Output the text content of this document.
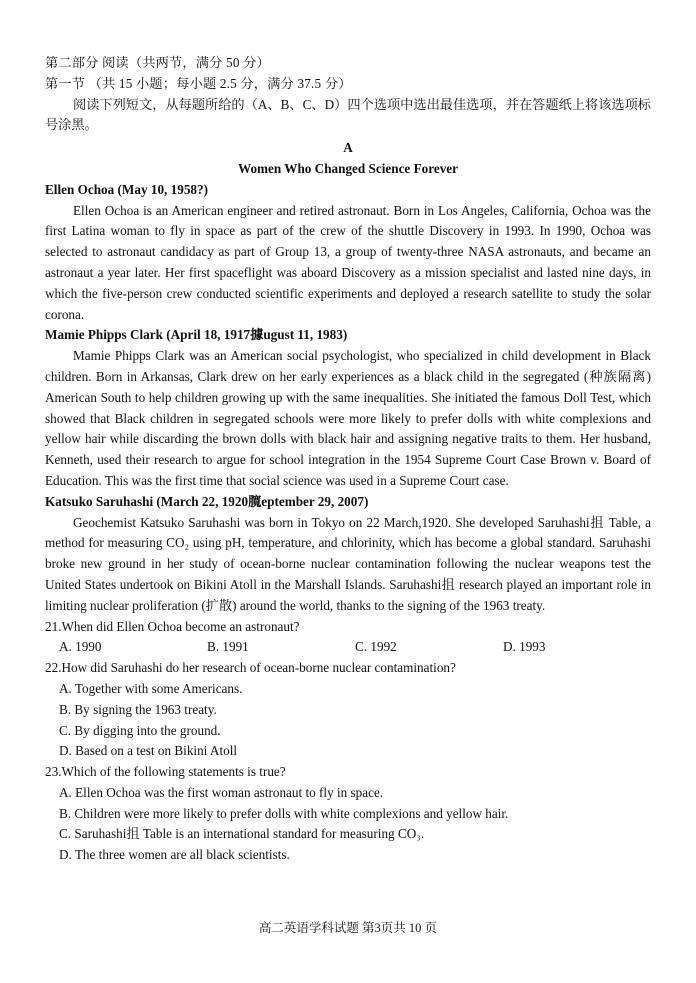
第二部分 阅读（共两节，满分 50 分）

第一节 （共 15 小题；每小题 2.5 分，满分 37.5 分）

阅读下列短文，从每题所给的（A、B、C、D）四个选项中选出最佳选项，并在答题纸上将该选项标号涂黑。

A

Women Who Changed Science Forever

Ellen Ochoa (May 10, 1958?)

Ellen Ochoa is an American engineer and retired astronaut. Born in Los Angeles, California, Ochoa was the first Latina woman to fly in space as part of the crew of the shuttle Discovery in 1993. In 1990, Ochoa was selected to astronaut candidacy as part of Group 13, a group of twenty-three NASA astronauts, and became an astronaut a year later. Her first spaceflight was aboard Discovery as a mission specialist and lasted nine days, in which the five-person crew conducted scientific experiments and deployed a research satellite to study the solar corona.

Mamie Phipps Clark (April 18, 1917據ugust 11, 1983)

Mamie Phipps Clark was an American social psychologist, who specialized in child development in Black children. Born in Arkansas, Clark drew on her early experiences as a black child in the segregated (种族隔离) American South to help children growing up with the same inequalities. She initiated the famous Doll Test, which showed that Black children in segregated schools were more likely to prefer dolls with white complexions and yellow hair while discarding the brown dolls with black hair and assigning negative traits to them. Her husband, Kenneth, used their research to argue for school integration in the 1954 Supreme Court Case Brown v. Board of Education. This was the first time that social science was used in a Supreme Court case.

Katsuko Saruhashi (March 22, 1920臗eptember 29, 2007)

Geochemist Katsuko Saruhashi was born in Tokyo on 22 March,1920. She developed Saruhashi抯 Table, a method for measuring CO₂ using pH, temperature, and chlorinity, which has become a global standard. Saruhashi broke new ground in her study of ocean-borne nuclear contamination following the nuclear weapons test the United States undertook on Bikini Atoll in the Marshall Islands. Saruhashi抯 research played an important role in limiting nuclear proliferation (扩散) around the world, thanks to the signing of the 1963 treaty.

21.When did Ellen Ochoa become an astronaut?

A. 1990	B. 1991	C. 1992	D. 1993

22.How did Saruhashi do her research of ocean-borne nuclear contamination?

A. Together with some Americans.

B. By signing the 1963 treaty.

C. By digging into the ground.

D. Based on a test on Bikini Atoll

23.Which of the following statements is true?

A. Ellen Ochoa was the first woman astronaut to fly in space.

B. Children were more likely to prefer dolls with white complexions and yellow hair.

C. Saruhashi抯 Table is an international standard for measuring CO₃.

D. The three women are all black scientists.

高二英语学科试题 第3页共 10 页
